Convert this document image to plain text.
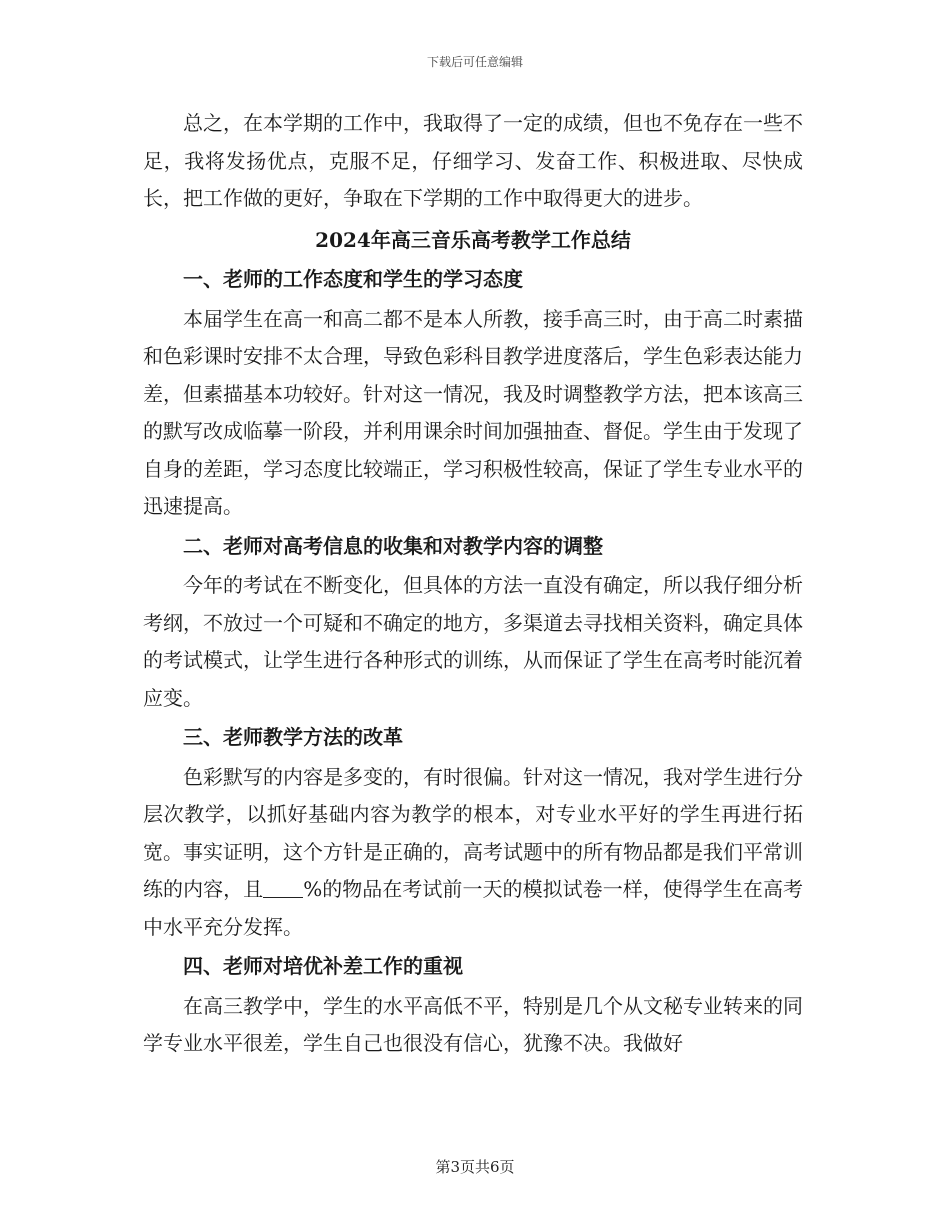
下载后可任意编辑

总之，在本学期的工作中，我取得了一定的成绩，但也不免存在一些不足，我将发扬优点，克服不足，仔细学习、发奋工作、积极进取、尽快成长，把工作做的更好，争取在下学期的工作中取得更大的进步。

2024年高三音乐高考教学工作总结

一、老师的工作态度和学生的学习态度

本届学生在高一和高二都不是本人所教，接手高三时，由于高二时素描和色彩课时安排不太合理，导致色彩科目教学进度落后，学生色彩表达能力差，但素描基本功较好。针对这一情况，我及时调整教学方法，把本该高三的默写改成临摹一阶段，并利用课余时间加强抽查、督促。学生由于发现了自身的差距，学习态度比较端正，学习积极性较高，保证了学生专业水平的迅速提高。

二、老师对高考信息的收集和对教学内容的调整

今年的考试在不断变化，但具体的方法一直没有确定，所以我仔细分析考纲，不放过一个可疑和不确定的地方，多渠道去寻找相关资料，确定具体的考试模式，让学生进行各种形式的训练，从而保证了学生在高考时能沉着应变。

三、老师教学方法的改革

色彩默写的内容是多变的，有时很偏。针对这一情况，我对学生进行分层次教学，以抓好基础内容为教学的根本，对专业水平好的学生再进行拓宽。事实证明，这个方针是正确的，高考试题中的所有物品都是我们平常训练的内容，且 %的物品在考试前一天的模拟试卷一样，使得学生在高考中水平充分发挥。

四、老师对培优补差工作的重视

在高三教学中，学生的水平高低不平，特别是几个从文秘专业转来的同学专业水平很差，学生自己也很没有信心，犹豫不决。我做好

第3页共6页
